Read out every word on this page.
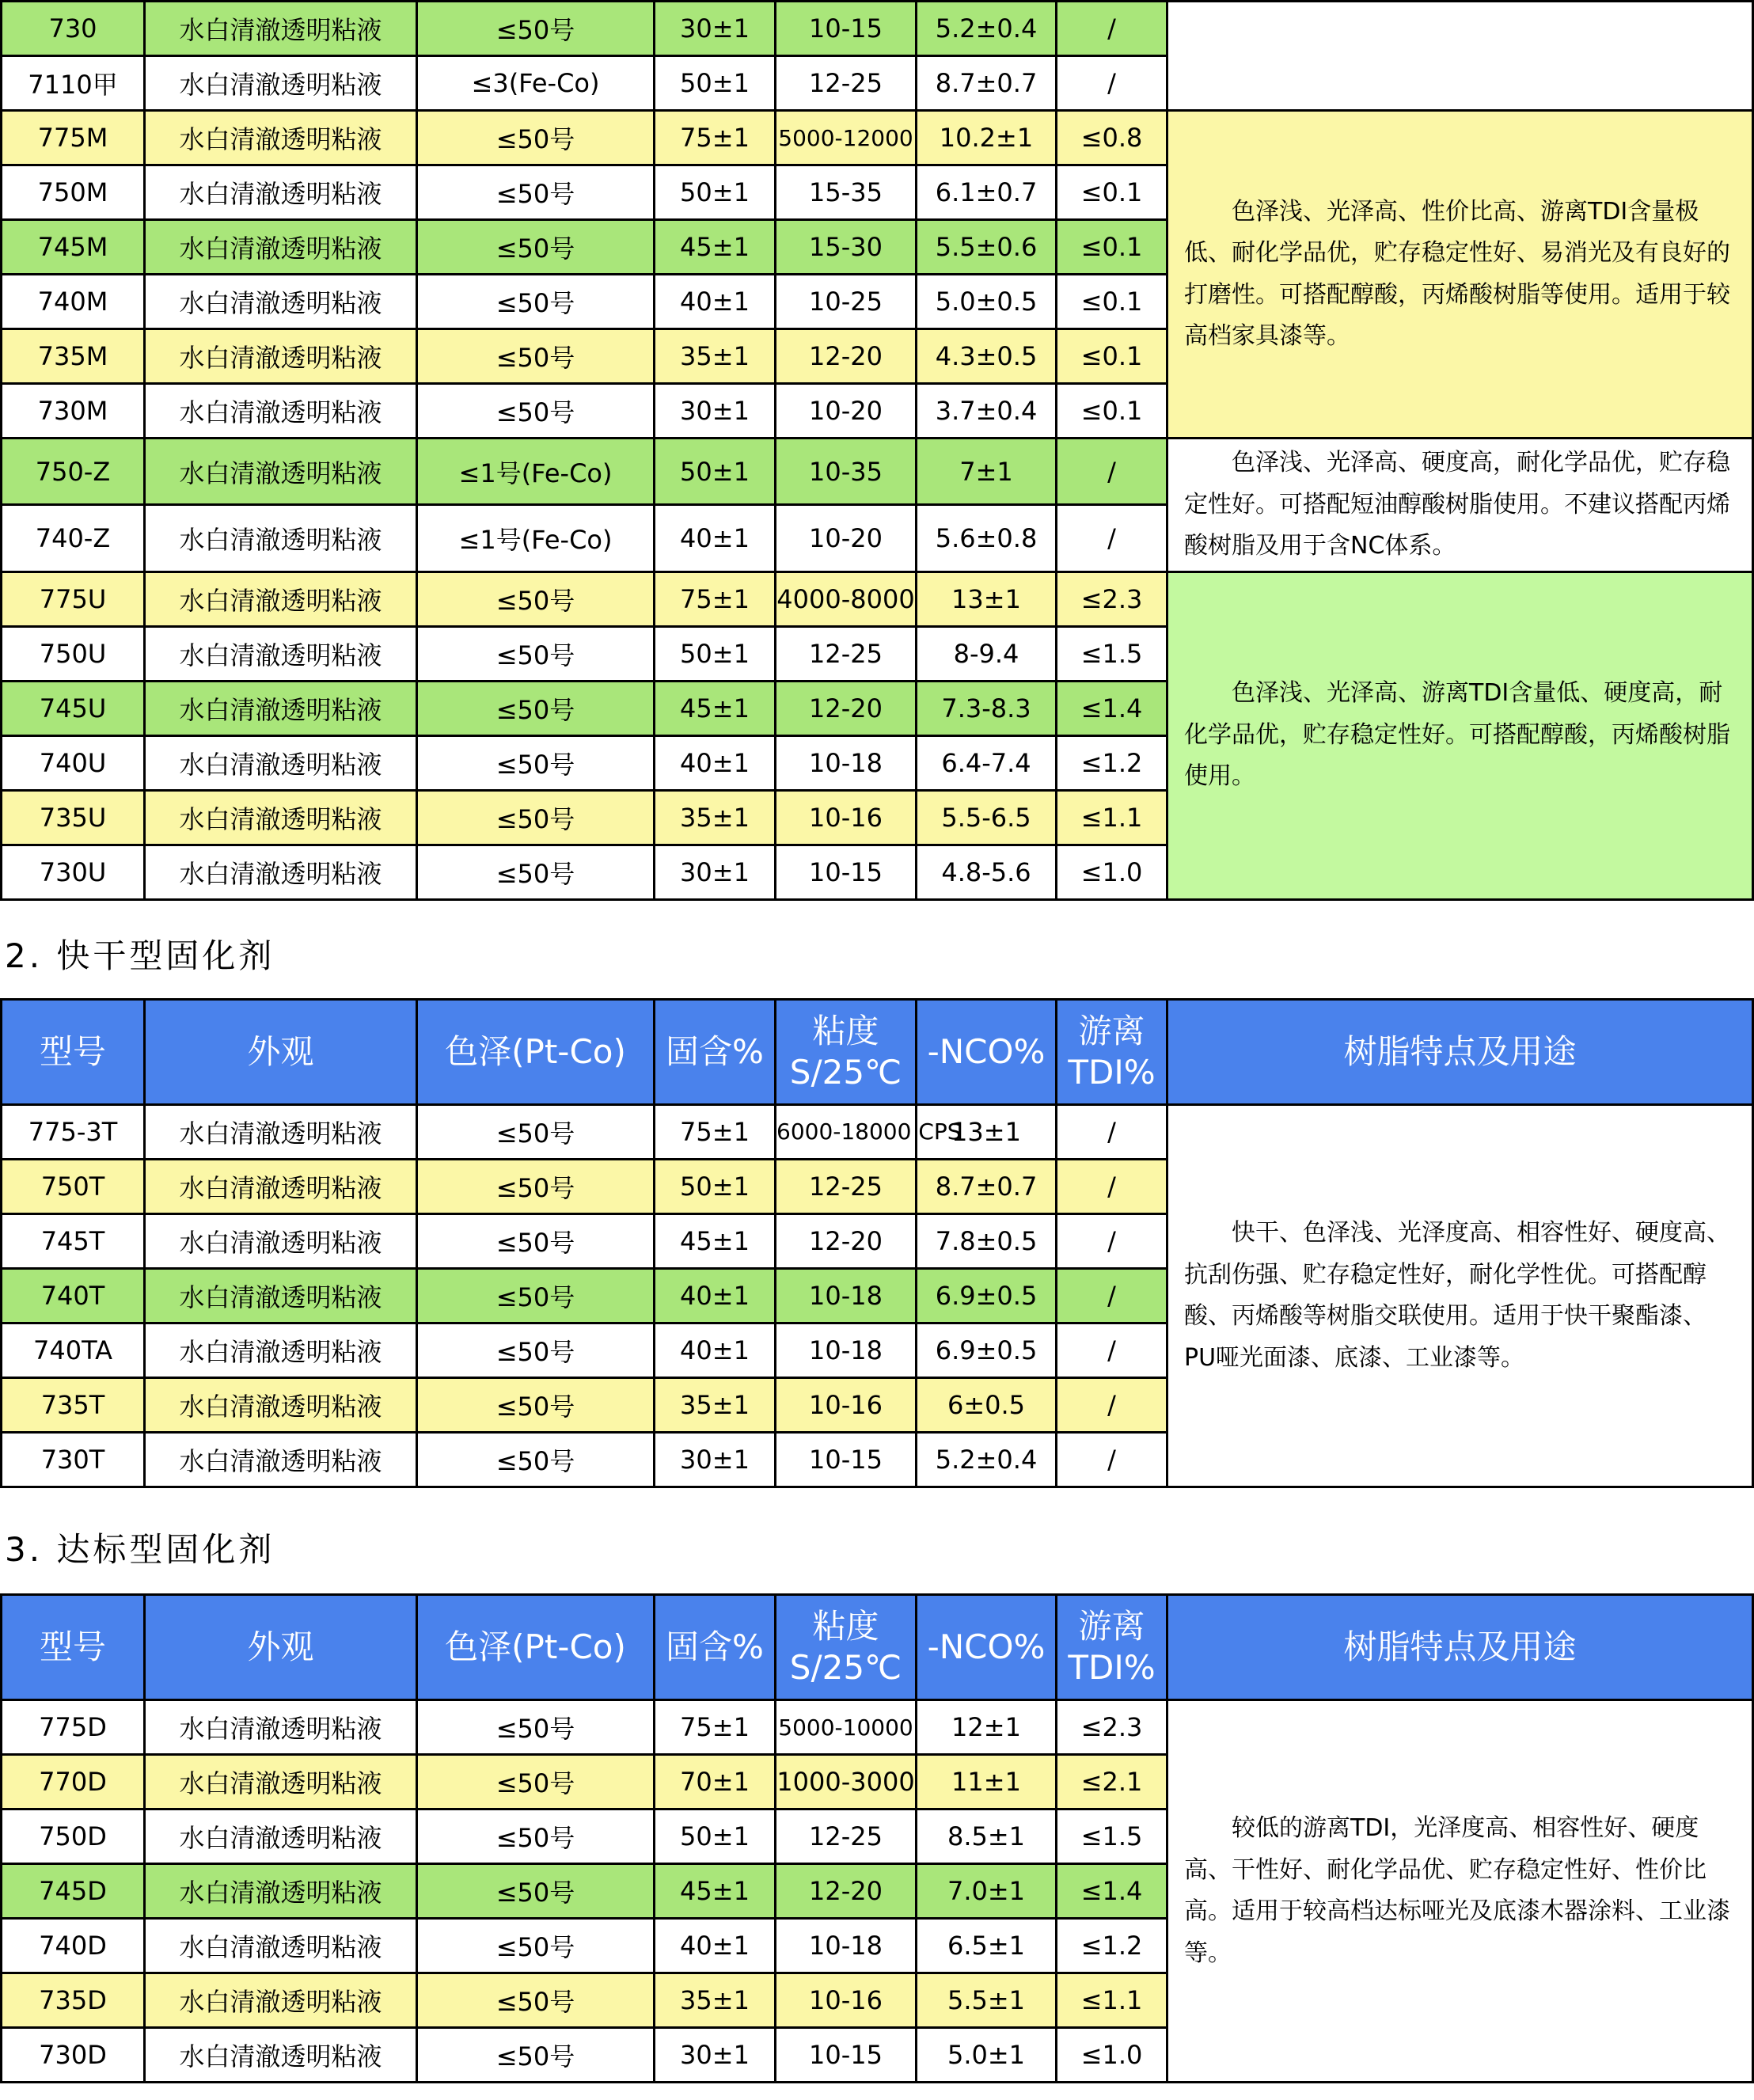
730	水白清澈透明粘液	≤50号	30±1	10-15	5.2±0.4	/	
7110甲	水白清澈透明粘液	≤3(Fe-Co)	50±1	12-25	8.7±0.7	/	
775M	水白清澈透明粘液	≤50号	75±1	5000-12000	10.2±1	≤0.8	色泽浅、光泽高、性价比高、游离TDI含量极低、耐化学品优，贮存稳定性好、易消光及有良好的打磨性。可搭配醇酸，丙烯酸树脂等使用。适用于较高档家具漆等。
750M	水白清澈透明粘液	≤50号	50±1	15-35	6.1±0.7	≤0.1	
745M	水白清澈透明粘液	≤50号	45±1	15-30	5.5±0.6	≤0.1	
740M	水白清澈透明粘液	≤50号	40±1	10-25	5.0±0.5	≤0.1	
735M	水白清澈透明粘液	≤50号	35±1	12-20	4.3±0.5	≤0.1	
730M	水白清澈透明粘液	≤50号	30±1	10-20	3.7±0.4	≤0.1	
750-Z	水白清澈透明粘液	≤1号(Fe-Co)	50±1	10-35	7±1	/	色泽浅、光泽高、硬度高，耐化学品优，贮存稳定性好。可搭配短油醇酸树脂使用。不建议搭配丙烯酸树脂及用于含NC体系。
740-Z	水白清澈透明粘液	≤1号(Fe-Co)	40±1	10-20	5.6±0.8	/	
775U	水白清澈透明粘液	≤50号	75±1	4000-8000	13±1	≤2.3	色泽浅、光泽高、游离TDI含量低、硬度高，耐化学品优，贮存稳定性好。可搭配醇酸，丙烯酸树脂使用。
750U	水白清澈透明粘液	≤50号	50±1	12-25	8-9.4	≤1.5	
745U	水白清澈透明粘液	≤50号	45±1	12-20	7.3-8.3	≤1.4	
740U	水白清澈透明粘液	≤50号	40±1	10-18	6.4-7.4	≤1.2	
735U	水白清澈透明粘液	≤50号	35±1	10-16	5.5-6.5	≤1.1	
730U	水白清澈透明粘液	≤50号	30±1	10-15	4.8-5.6	≤1.0	
2. 快干型固化剂
型号	外观	色泽(Pt-Co)	固含%	粘度 S/25℃	-NCO%	游离 TDI%	树脂特点及用途
775-3T	水白清澈透明粘液	≤50号	75±1	6000-18000 CPS	13±1	/	快干、色泽浅、光泽度高、相容性好、硬度高、抗刮伤强、贮存稳定性好，耐化学性优。可搭配醇酸、丙烯酸等树脂交联使用。适用于快干聚酯漆、PU哑光面漆、底漆、工业漆等。
750T	水白清澈透明粘液	≤50号	50±1	12-25	8.7±0.7	/	
745T	水白清澈透明粘液	≤50号	45±1	12-20	7.8±0.5	/	
740T	水白清澈透明粘液	≤50号	40±1	10-18	6.9±0.5	/	
740TA	水白清澈透明粘液	≤50号	40±1	10-18	6.9±0.5	/	
735T	水白清澈透明粘液	≤50号	35±1	10-16	6±0.5	/	
730T	水白清澈透明粘液	≤50号	30±1	10-15	5.2±0.4	/	
3. 达标型固化剂
型号	外观	色泽(Pt-Co)	固含%	粘度 S/25℃	-NCO%	游离 TDI%	树脂特点及用途
775D	水白清澈透明粘液	≤50号	75±1	5000-10000	12±1	≤2.3	较低的游离TDI，光泽度高、相容性好、硬度高、干性好、耐化学品优、贮存稳定性好、性价比高。适用于较高档达标哑光及底漆木器涂料、工业漆等。
770D	水白清澈透明粘液	≤50号	70±1	1000-3000	11±1	≤2.1	
750D	水白清澈透明粘液	≤50号	50±1	12-25	8.5±1	≤1.5	
745D	水白清澈透明粘液	≤50号	45±1	12-20	7.0±1	≤1.4	
740D	水白清澈透明粘液	≤50号	40±1	10-18	6.5±1	≤1.2	
735D	水白清澈透明粘液	≤50号	35±1	10-16	5.5±1	≤1.1	
730D	水白清澈透明粘液	≤50号	30±1	10-15	5.0±1	≤1.0	
